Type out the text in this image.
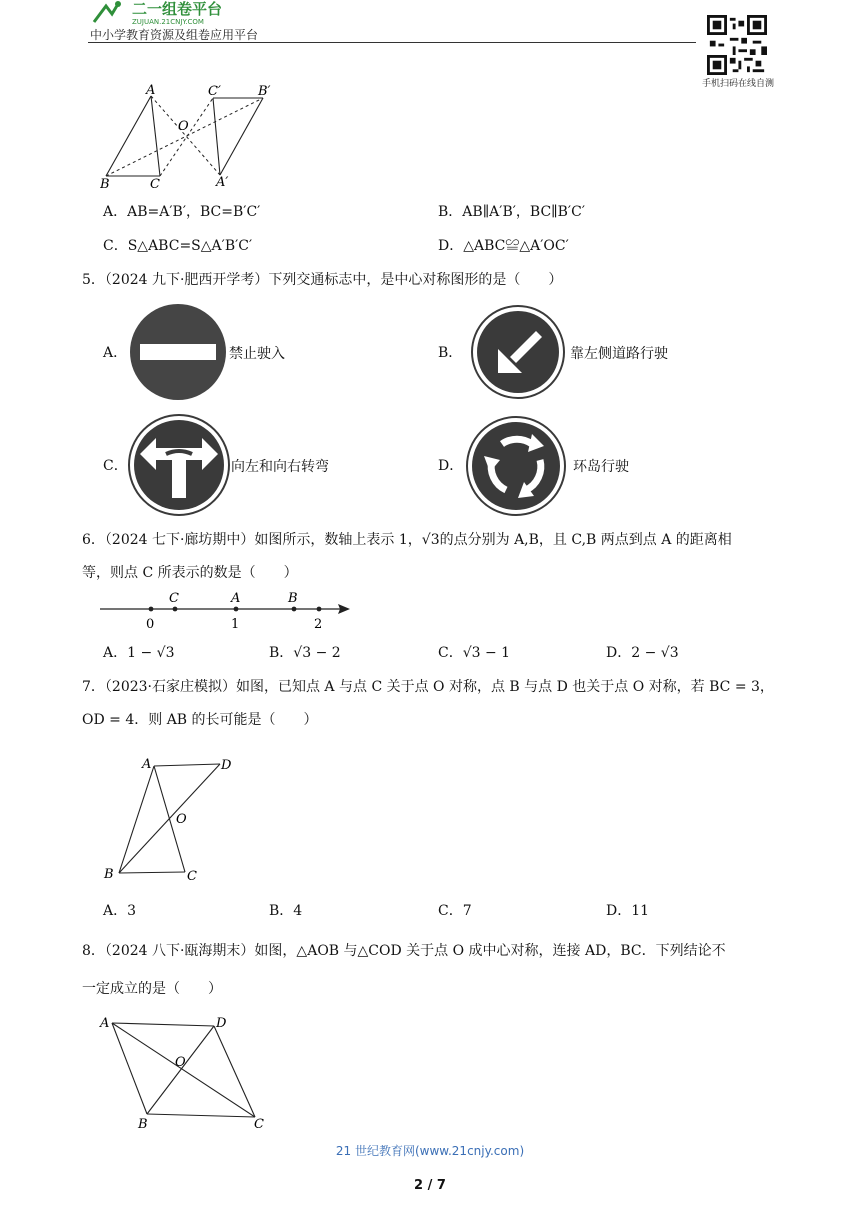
二一组卷平台
ZUJUAN.21CNJY.COM
中小学教育资源及组卷应用平台
手机扫码在线自测
A
B	C
O
A′
C′	B′
A．AB=A′B′，BC=B′C′	B．AB∥A′B′，BC∥B′C′
C．S△ABC=S△A′B′C′	D．△ABC≌△A′OC′
5．（2024 九下·肥西开学考）下列交通标志中，是中心对称图形的是（　　）
A．	禁止驶入	B．	靠左侧道路行驶
C．	向左和向右转弯	D．	环岛行驶
6．（2024 七下·廊坊期中）如图所示，数轴上表示 1，√3的点分别为 A,B，且 C,B 两点到点 A 的距离相
等，则点 C 所表示的数是（　　）
C	A	B
0	1	2
A．1 − √3	B．√3 − 2	C．√3 − 1	D．2 − √3
7．（2023·石家庄模拟）如图，已知点 A 与点 C 关于点 O 对称，点 B 与点 D 也关于点 O 对称，若 BC = 3，
OD = 4．则 AB 的长可能是（　　）
A	D
O
B	C
A．3	B．4	C．7	D．11
8．（2024 八下·瓯海期末）如图，△AOB 与△COD 关于点 O 成中心对称，连接 AD，BC．下列结论不
一定成立的是（　　）
A	D
O
B	C
21 世纪教育网(www.21cnjy.com)
2 / 7
